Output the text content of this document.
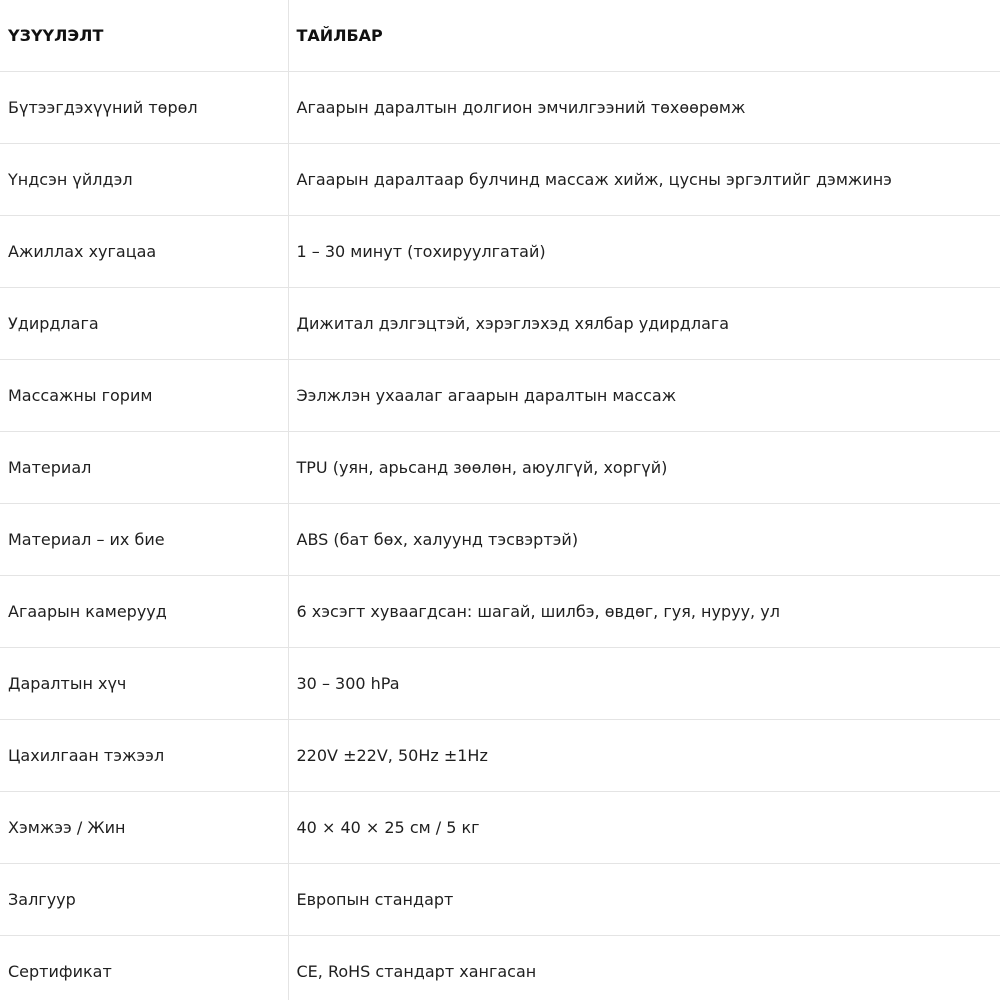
ҮЗҮҮЛЭЛТ	ТАЙЛБАР
Бүтээгдэхүүний төрөл	Агаарын даралтын долгион эмчилгээний төхөөрөмж
Үндсэн үйлдэл	Агаарын даралтаар булчинд массаж хийж, цусны эргэлтийг дэмжинэ
Ажиллах хугацаа	1 – 30 минут (тохируулгатай)
Удирдлага	Дижитал дэлгэцтэй, хэрэглэхэд хялбар удирдлага
Массажны горим	Ээлжлэн ухаалаг агаарын даралтын массаж
Материал	TPU (уян, арьсанд зөөлөн, аюулгүй, хоргүй)
Материал – их бие	ABS (бат бөх, халуунд тэсвэртэй)
Агаарын камерууд	6 хэсэгт хуваагдсан: шагай, шилбэ, өвдөг, гуя, нуруу, ул
Даралтын хүч	30 – 300 hPa
Цахилгаан тэжээл	220V ±22V, 50Hz ±1Hz
Хэмжээ / Жин	40 × 40 × 25 см / 5 кг
Залгуур	Европын стандарт
Сертификат	CE, RoHS стандарт хангасан
